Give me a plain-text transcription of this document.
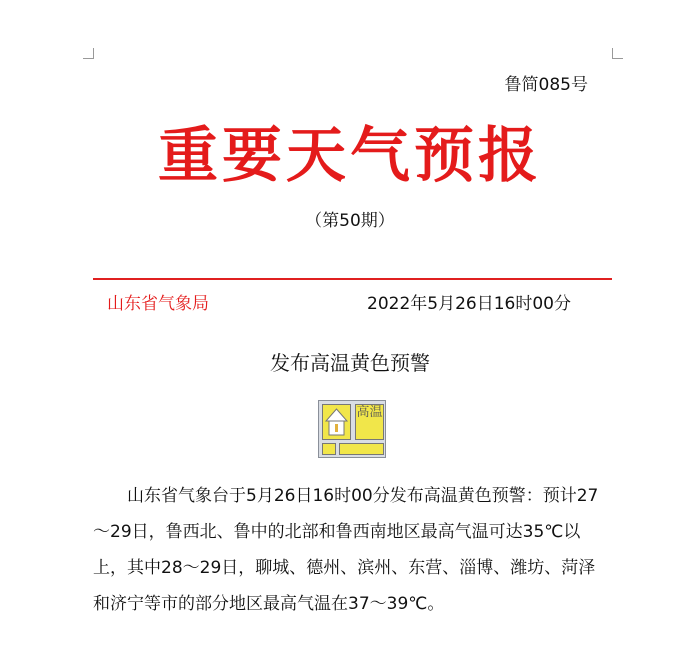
鲁简085号
重要天气预报
（第50期）
山东省气象局	2022年5月26日16时00分
发布高温黄色预警
高温

山东省气象台于5月26日16时00分发布高温黄色预警：预计27～29日，鲁西北、鲁中的北部和鲁西南地区最高气温可达35℃以上，其中28～29日，聊城、德州、滨州、东营、淄博、潍坊、菏泽和济宁等市的部分地区最高气温在37～39℃。
